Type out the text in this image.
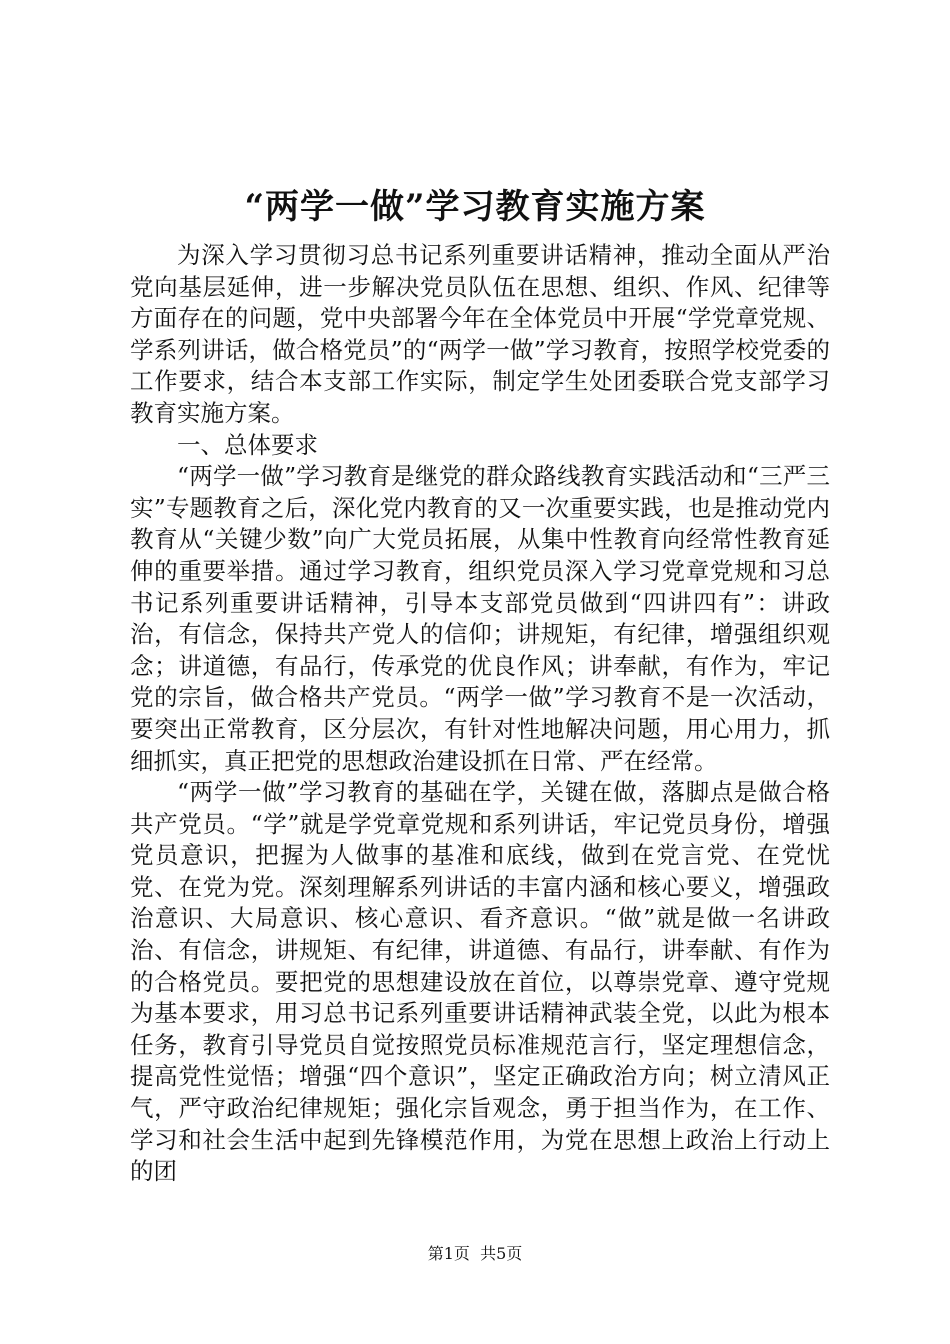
“两学一做”学习教育实施方案

为深入学习贯彻习总书记系列重要讲话精神，推动全面从严治党向基层延伸，进一步解决党员队伍在思想、组织、作风、纪律等方面存在的问题，党中央部署今年在全体党员中开展“学党章党规、学系列讲话，做合格党员”的“两学一做”学习教育，按照学校党委的工作要求，结合本支部工作实际，制定学生处团委联合党支部学习教育实施方案。

一、总体要求

“两学一做”学习教育是继党的群众路线教育实践活动和“三严三实”专题教育之后，深化党内教育的又一次重要实践，也是推动党内教育从“关键少数”向广大党员拓展，从集中性教育向经常性教育延伸的重要举措。通过学习教育，组织党员深入学习党章党规和习总书记系列重要讲话精神，引导本支部党员做到“四讲四有”：讲政治，有信念，保持共产党人的信仰；讲规矩，有纪律，增强组织观念；讲道德，有品行，传承党的优良作风；讲奉献，有作为，牢记党的宗旨，做合格共产党员。“两学一做”学习教育不是一次活动，要突出正常教育，区分层次，有针对性地解决问题，用心用力，抓细抓实，真正把党的思想政治建设抓在日常、严在经常。

“两学一做”学习教育的基础在学，关键在做，落脚点是做合格共产党员。“学”就是学党章党规和系列讲话，牢记党员身份，增强党员意识，把握为人做事的基准和底线，做到在党言党、在党忧党、在党为党。深刻理解系列讲话的丰富内涵和核心要义，增强政治意识、大局意识、核心意识、看齐意识。“做”就是做一名讲政治、有信念，讲规矩、有纪律，讲道德、有品行，讲奉献、有作为的合格党员。要把党的思想建设放在首位，以尊崇党章、遵守党规为基本要求，用习总书记系列重要讲话精神武装全党，以此为根本任务，教育引导党员自觉按照党员标准规范言行，坚定理想信念，提高党性觉悟；增强“四个意识”，坚定正确政治方向；树立清风正气，严守政治纪律规矩；强化宗旨观念，勇于担当作为，在工作、学习和社会生活中起到先锋模范作用，为党在思想上政治上行动上的团

第1页  共5页
